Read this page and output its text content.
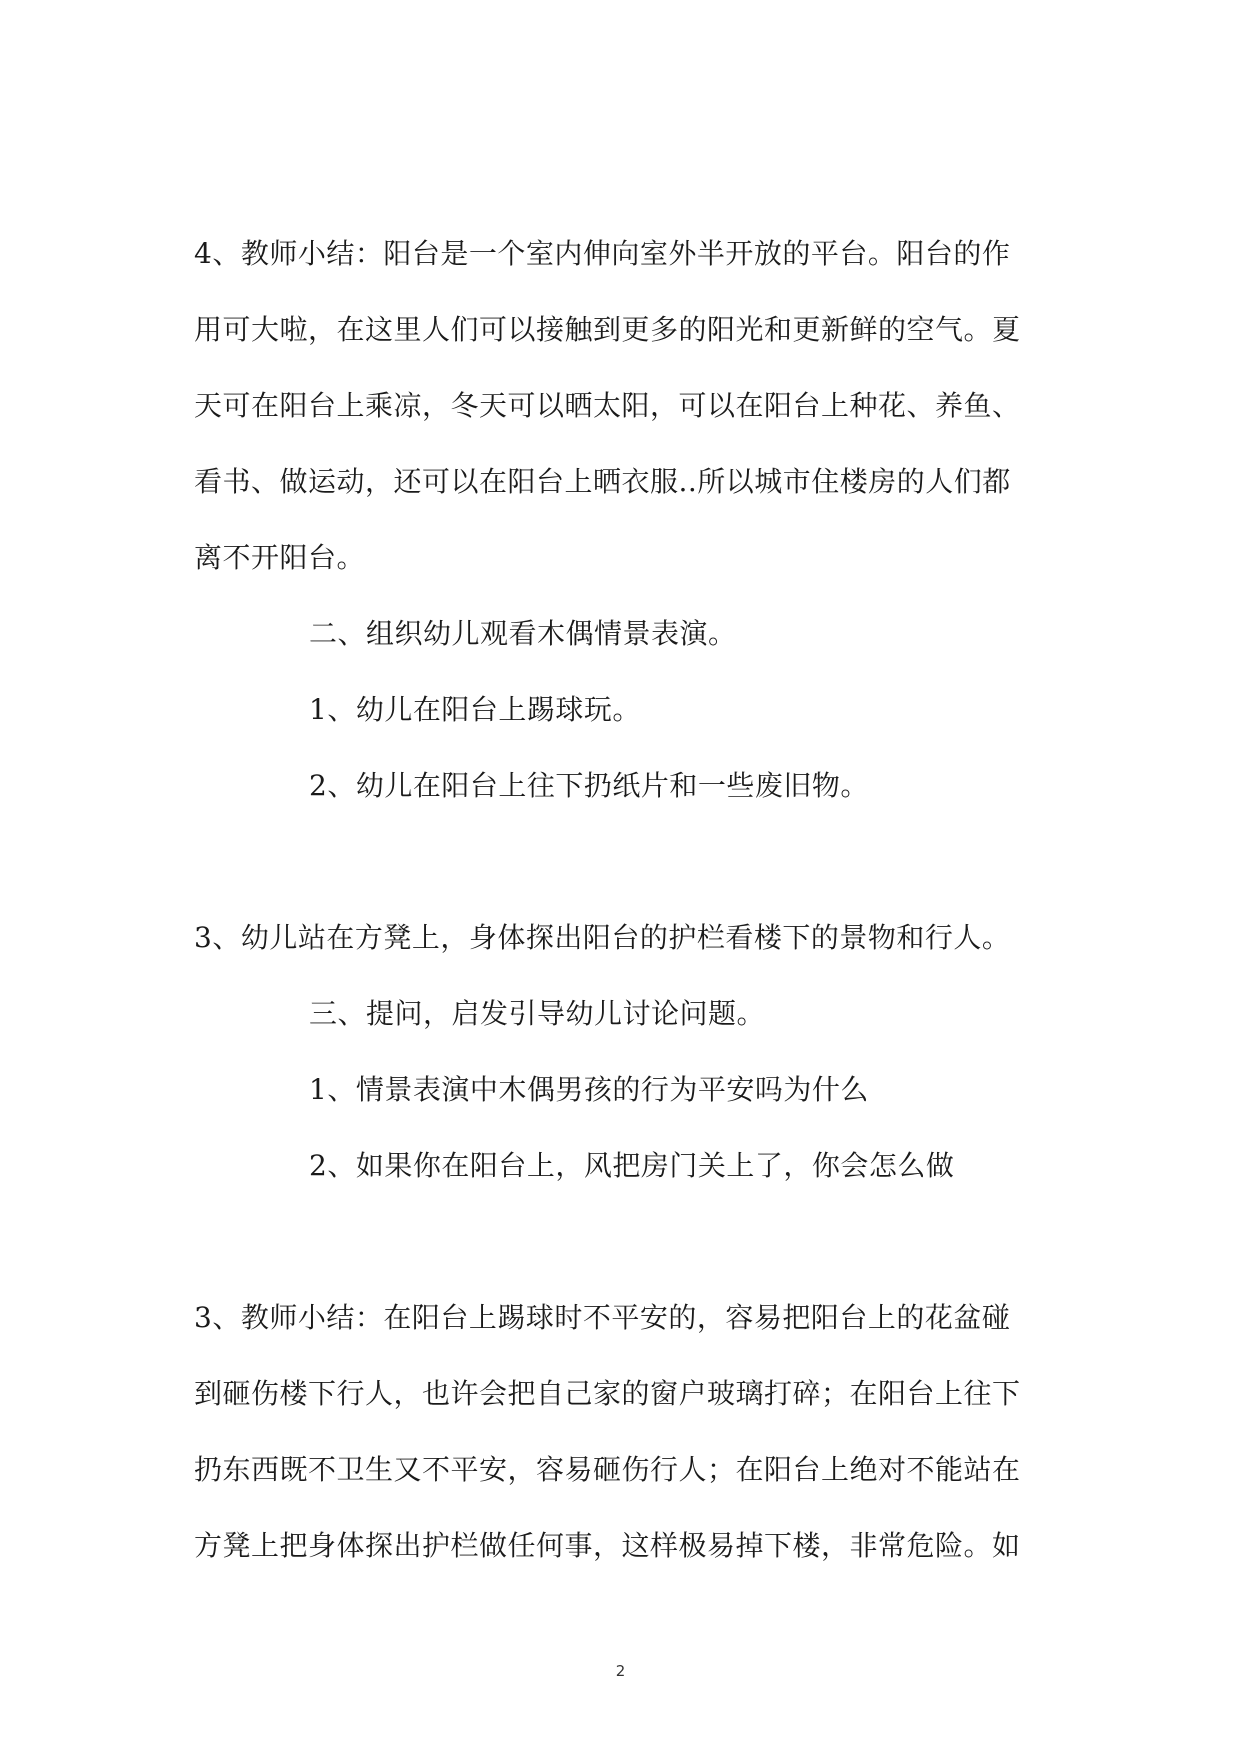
4、教师小结：阳台是一个室内伸向室外半开放的平台。阳台的作
用可大啦，在这里人们可以接触到更多的阳光和更新鲜的空气。夏
天可在阳台上乘凉，冬天可以晒太阳，可以在阳台上种花、养鱼、
看书、做运动，还可以在阳台上晒衣服..所以城市住楼房的人们都
离不开阳台。
二、组织幼儿观看木偶情景表演。
1、幼儿在阳台上踢球玩。
2、幼儿在阳台上往下扔纸片和一些废旧物。
3、幼儿站在方凳上，身体探出阳台的护栏看楼下的景物和行人。
三、提问，启发引导幼儿讨论问题。
1、情景表演中木偶男孩的行为平安吗为什么
2、如果你在阳台上，风把房门关上了，你会怎么做
3、教师小结：在阳台上踢球时不平安的，容易把阳台上的花盆碰
到砸伤楼下行人，也许会把自己家的窗户玻璃打碎；在阳台上往下
扔东西既不卫生又不平安，容易砸伤行人；在阳台上绝对不能站在
方凳上把身体探出护栏做任何事，这样极易掉下楼，非常危险。如
2
